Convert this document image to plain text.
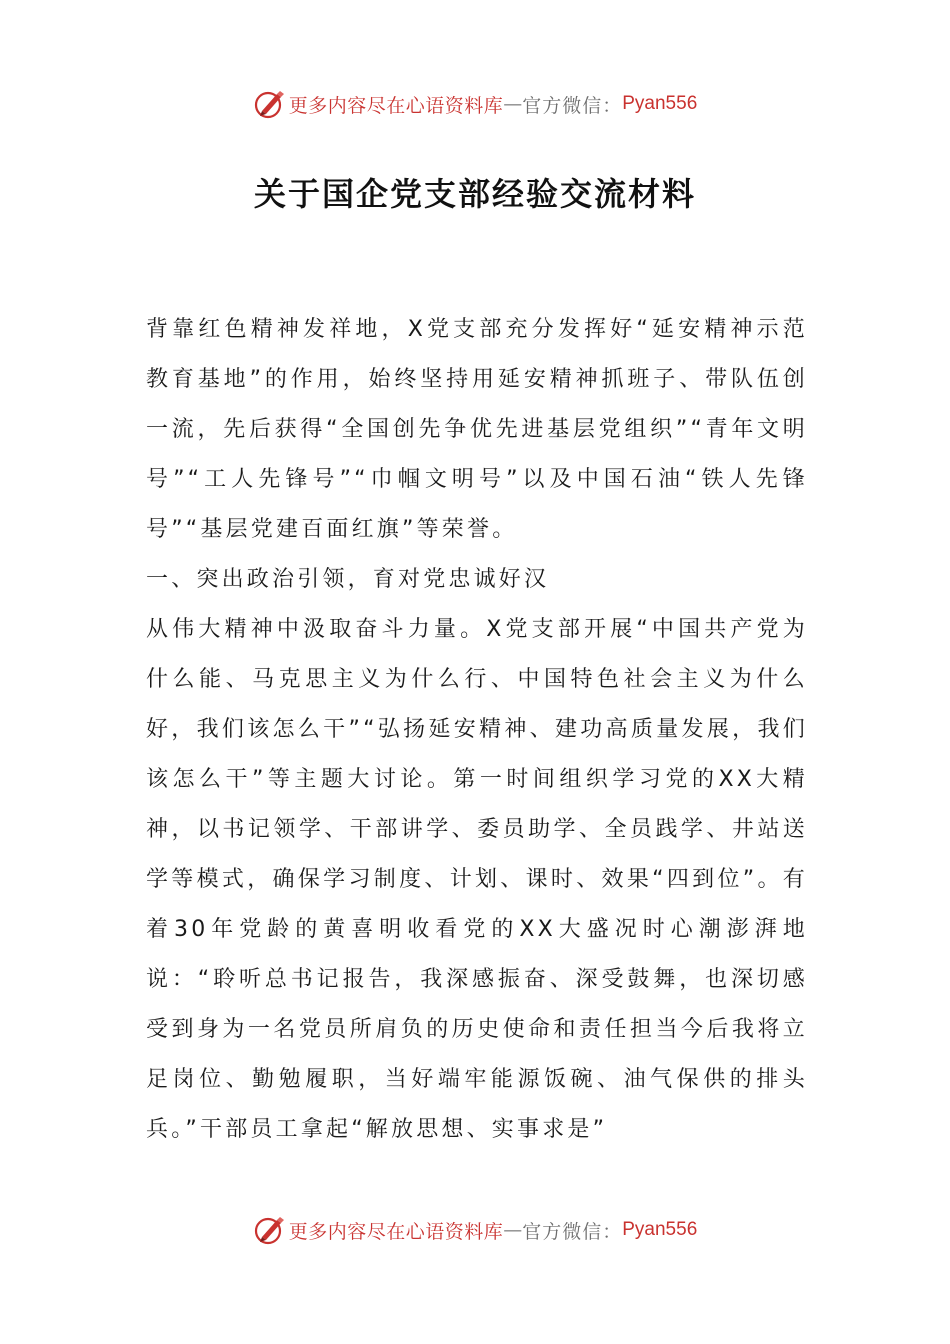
更多内容尽在心语资料库 — 官方微信： Pyan556
关于国企党支部经验交流材料

背靠红色精神发祥地，X党支部充分发挥好“延安精神示范教育基地”的作用，始终坚持用延安精神抓班子、带队伍创一流，先后获得“全国创先争优先进基层党组织”“青年文明号”“工人先锋号”“巾帼文明号”以及中国石油“铁人先锋号”“基层党建百面红旗”等荣誉。

一、突出政治引领，育对党忠诚好汉

从伟大精神中汲取奋斗力量。X党支部开展“中国共产党为什么能、马克思主义为什么行、中国特色社会主义为什么好，我们该怎么干”“弘扬延安精神、建功高质量发展，我们该怎么干”等主题大讨论。第一时间组织学习党的XX大精神，以书记领学、干部讲学、委员助学、全员践学、井站送学等模式，确保学习制度、计划、课时、效果“四到位”。有着30年党龄的黄喜明收看党的XX大盛况时心潮澎湃地说：“聆听总书记报告，我深感振奋、深受鼓舞，也深切感受到身为一名党员所肩负的历史使命和责任担当今后我将立足岗位、勤勉履职，当好端牢能源饭碗、油气保供的排头兵。”干部员工拿起“解放思想、实事求是”

更多内容尽在心语资料库 — 官方微信： Pyan556
